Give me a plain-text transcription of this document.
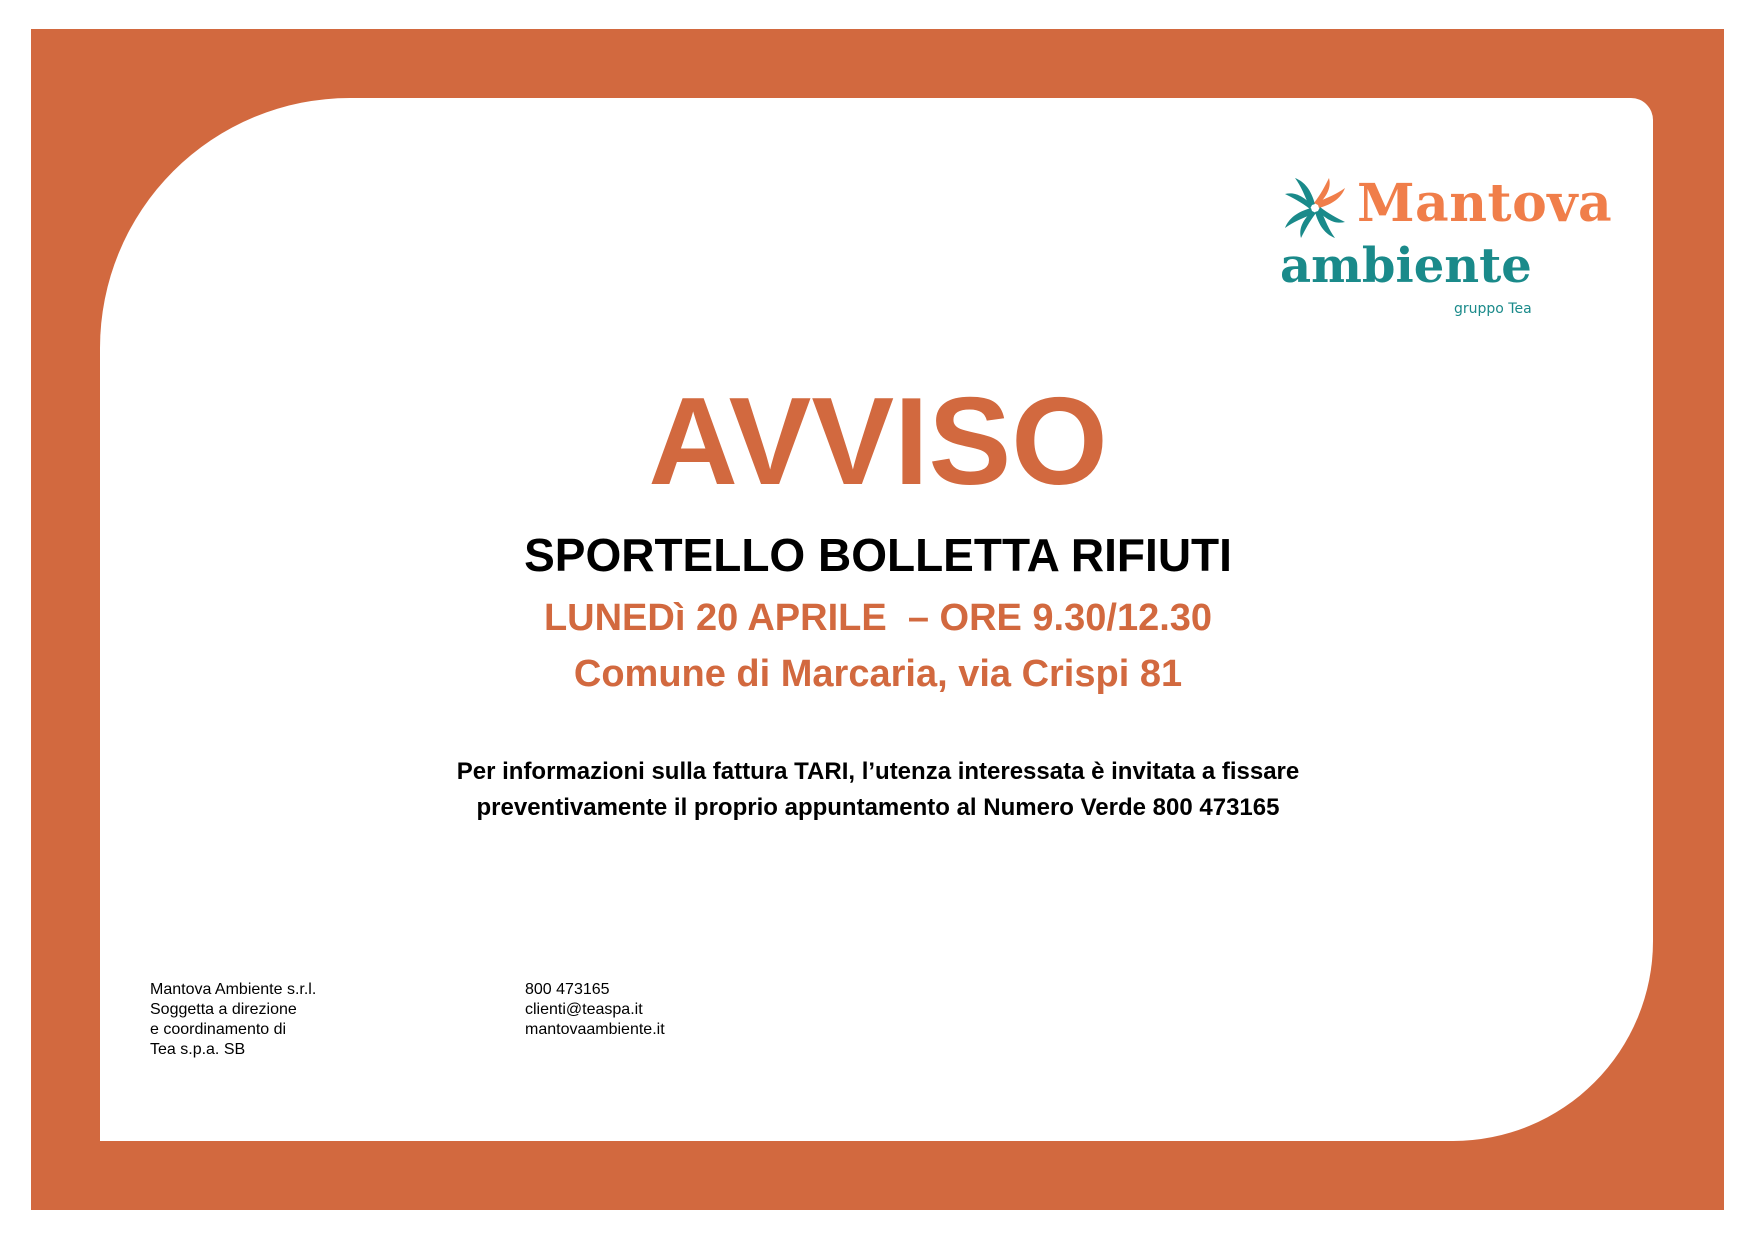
Mantova
ambiente
gruppo Tea
AVVISO
SPORTELLO BOLLETTA RIFIUTI
LUNEDì 20 APRILE  – ORE 9.30/12.30
Comune di Marcaria, via Crispi 81
Per informazioni sulla fattura TARI, l’utenza interessata è invitata a fissare
preventivamente il proprio appuntamento al Numero Verde 800 473165
Mantova Ambiente s.r.l.
Soggetta a direzione
e coordinamento di
Tea s.p.a. SB
800 473165
clienti@teaspa.it
mantovaambiente.it
